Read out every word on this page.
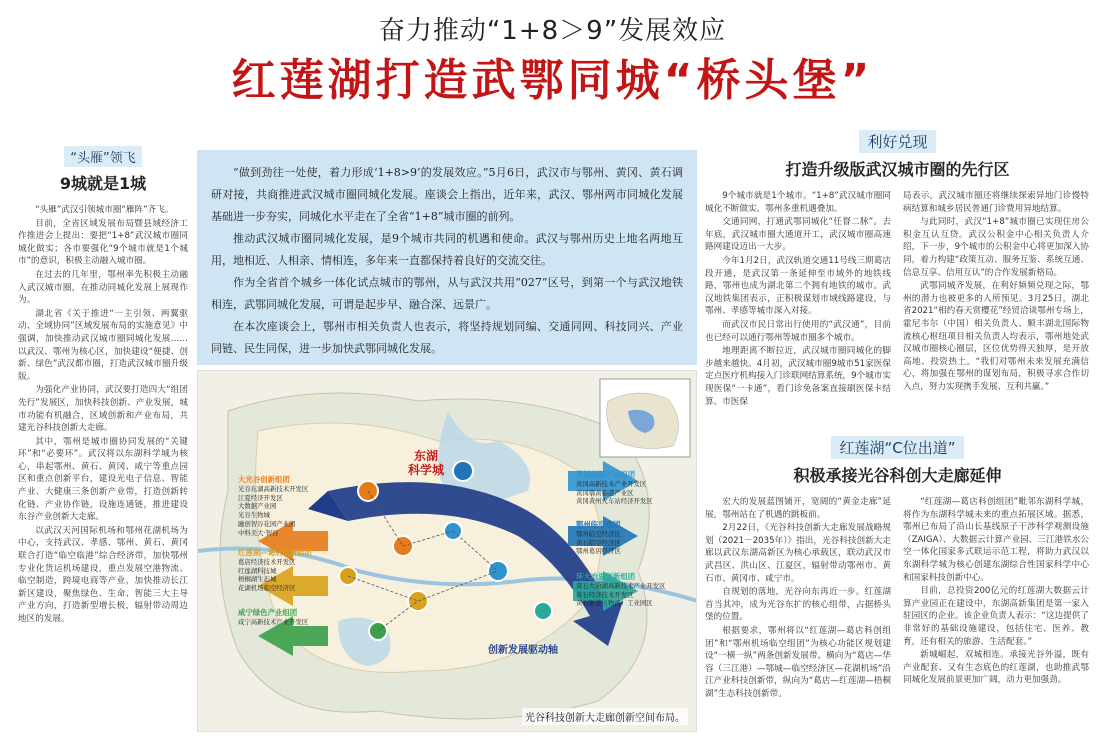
奋力推动“1+8＞9”发展效应
红莲湖打造武鄂同城“桥头堡”
“头雁”领飞
9城就是1城

“头雁”武汉引领城市圈“雁阵”齐飞。

目前，全省区域发展布局暨县域经济工作推进会上提出：要把“1+8”武汉城市圈同城化做实；各市要强化“9个城市就是1个城市”的意识，积极主动融入城市圈。

在过去的几年里，鄂州率先积极主动融入武汉城市圈，在推动同城化发展上展现作为。

湖北省《关于推进“一主引领、两翼驱动、全域协同”区域发展布局的实施意见》中强调，加快推动武汉城市圈同城化发展……以武汉、鄂州为核心区，加快建设“便捷、创新、绿色”武汉都市圈，打造武汉城市圈升级版。

为强化产业协同，武汉要打造四大“组团先行”发展区，加快科技创新、产业发展，城市功能有机融合，区域创新和产业布局，共建光谷科技创新大走廊。

其中，鄂州是城市圈协同发展的“关键环”和“必要环”。武汉将以东湖科学城为核心，串起鄂州、黄石、黄冈、咸宁等重点园区和重点创新平台，建设光电子信息、智能产业、大健康三条创新产业带，打造创新转化链、产业协作链，设施连通链，推进建设东谷产业创新大走廊。

以武汉天河国际机场和鄂州花湖机场为中心，支持武汉、孝感、鄂州、黄石、黄冈联合打造“临空临港”综合经济带，加快鄂州专业化货运机场建设，重点发展空港物流、临空制造，跨境电商等产业，加快推动长江新区建设，聚焦绿色、生命、智能三大主导产业方向，打造新型增长极，辐射带动周边地区的发展。

“做到劲往一处使，着力形成‘1+8>9’的发展效应。”5月6日，武汉市与鄂州、黄冈、黄石调研对接，共商推进武汉城市圈同城化发展。座谈会上指出，近年来，武汉、鄂州两市同城化发展基础进一步夯实，同城化水平走在了全省“1+8”城市圈的前列。

推动武汉城市圈同城化发展，是9个城市共同的机遇和使命。武汉与鄂州历史上地名两地互用，地相近、人相亲、情相连，多年来一直都保持着良好的交流交往。

作为全省首个城乡一体化试点城市的鄂州，从与武汉共用“027”区号，到第一个与武汉地铁相连，武鄂同城化发展，可谓是起步早、融合深、远景广。

在本次座谈会上，鄂州市相关负责人也表示，将坚持规划同编、交通同网、科技同兴、产业同链、民生同保，进一步加快武鄂同城化发展。

东湖
科学城
创新发展驱动轴
大光谷创新组团
光谷东湖高新技术开发区
江夏经济开发区
大数据产业园
光谷生物城
融创智谷花园产业园
中科美大·智谷
红莲湖—葛店创新组团
葛店经济技术开发区
红莲湖科技城
梧桐湖生态城
花湖机场临空经济区
咸宁绿色产业组团
咸宁高新技术产业开发区
黄冈创新产业组团
黄冈高新技术产业开发区
黄冈鄂黄临港产业区
黄冈黄州火车站经济开发区
鄂州临空组团
鄂州临空经济区
黄石临空经济区
鄂州葛店经济区
环大冶湖创新组团
黄石大冶湖高新技术产业开发区
黄石经济技术开发区
黄石新港（物流）工业园区
光谷科技创新大走廊创新空间布局。
利好兑现
打造升级版武汉城市圈的先行区

9个城市就是1个城市。“1+8”武汉城市圈同城化不断做实，鄂州多重机遇叠加。

交通同网，打通武鄂同城化“任督二脉”。去年底，武汉城市圈大通道开工，武汉城市圈高速路网建设迈出一大步。

今年1月2日，武汉轨道交通11号线三期葛店段开通，是武汉第一条延伸至市域外的地铁线路，鄂州也成为湖北第二个拥有地铁的城市。武汉地铁集团表示，正积极谋划市域线路建设，与鄂州、孝感等城市深入对接。

而武汉市民日常出行使用的“武汉通”，目前也已经可以通行鄂州等城市圈多个城市。

地理距离不断拉近，武汉城市圈同城化的脚步越来越快。4月初，武汉城市圈9城市51家医保定点医疗机构接入门诊联网结算系统，9个城市实现医保“一卡通”，看门诊免备案直接刷医保卡结算。市医保

局表示，武汉城市圈还将继续探索异地门诊慢特病结算和城乡居民普通门诊费用异地结算。

与此同时，武汉“1+8”城市圈已实现住房公积金互认互贷。武汉公积金中心相关负责人介绍，下一步，9个城市的公积金中心将更加深入协同，着力构建“政策互动、服务互鉴、系统互通、信息互享、信用互认”的合作发展新格局。

武鄂同城齐发展，在利好频频兑现之际，鄂州的潜力也被更多的人所预见。3月25日，湖北省2021“相约春天赏樱花”经贸洽谈鄂州专场上，霍尼韦尔（中国）相关负责人、顺丰湖北国际物流核心枢纽项目相关负责人均表示，鄂州地处武汉城市圈核心圈层，区位优势得天独厚，是开放高地、投资热土。“我们对鄂州未来发展充满信心，将加强在鄂州的谋划布局，积极寻求合作切入点，努力实现携手发展、互利共赢。”

红莲湖“C位出道”
积极承接光谷科创大走廊延伸

宏大的发展蓝图铺开，宽阔的“黄金走廊”延展，鄂州站在了机遇的跳板前。

2月22日，《光谷科技创新大走廊发展战略规划（2021－2035年）》指出，光谷科技创新大走廊以武汉东湖高新区为核心承载区，联动武汉市武昌区、洪山区、江夏区，辐射带动鄂州市、黄石市、黄冈市、咸宁市。

自规划的落地，光谷向东再近一步。红莲湖首当其冲，成为光谷东扩的核心组带，占据桥头堡的位置。

根据要求，鄂州将以“红莲湖—葛店科创组团”和“鄂州机场临空组团”为核心功能区规划建设“一横一纵”两条创新发展带。横向为“葛店—华容（三江港）—鄂城—临空经济区—花湖机场”沿江产业科技创新带，纵向为“葛店—红莲湖—梧桐湖”生态科技创新带。

“红莲湖—葛店科创组团”毗邻东湖科学城，将作为东湖科学城未来的重点拓展区域。据悉，鄂州已布局了沿山长基线原子干涉科学观测设施（ZAIGA）、大数据云计算产业园、三江港铁水公空一体化国家多式联运示范工程，将助力武汉以东湖科学城为核心创建东湖综合性国家科学中心和国家科技创新中心。

目前，总投资200亿元的红莲湖大数据云计算产业园正在建设中，东湖高新集团是第一家入驻园区的企业。该企业负责人表示：“这边提供了非常好的基础设施建设，包括住宅、医养、教育，还有相关的旅游、生活配套。”

新城崛起，双城相连。承接光谷外溢，既有产业配套、又有生态底色的红莲湖，也助推武鄂同城化发展前景更加广阔，动力更加强劲。
